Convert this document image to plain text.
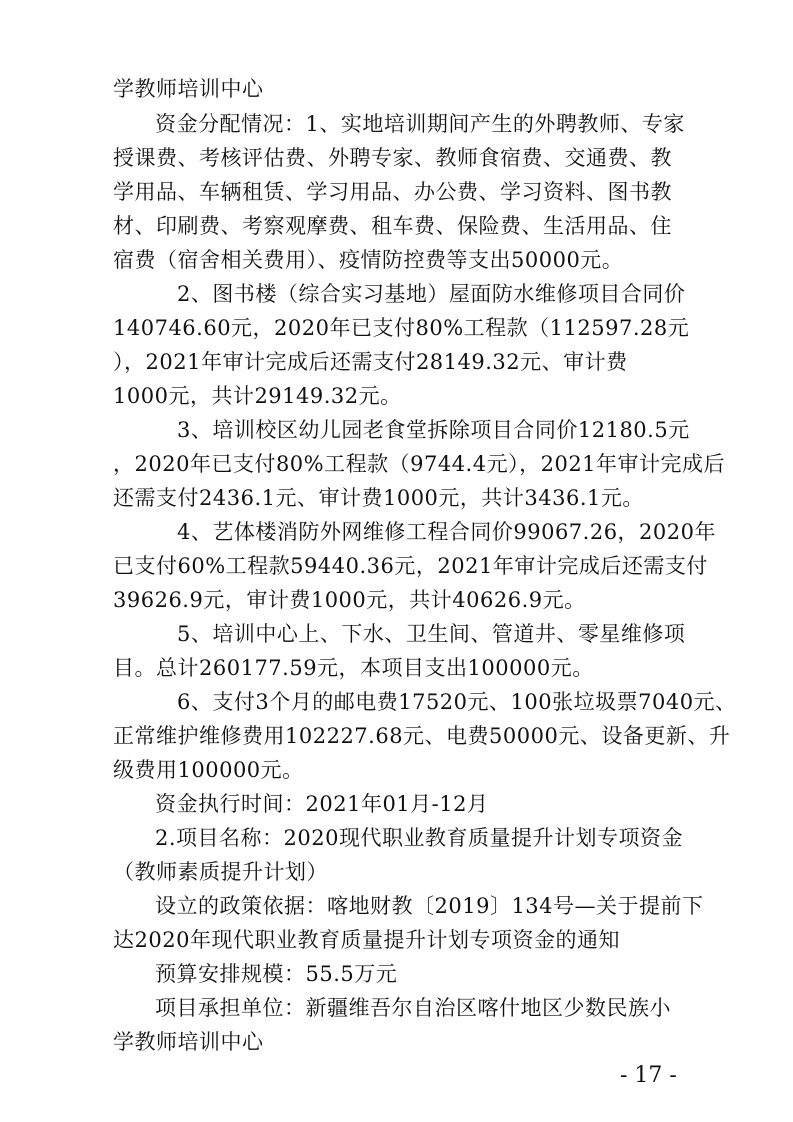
学教师培训中心
资金分配情况：1、实地培训期间产生的外聘教师、专家
授课费、考核评估费、外聘专家、教师食宿费、交通费、教
学用品、车辆租赁、学习用品、办公费、学习资料、图书教
材、印刷费、考察观摩费、租车费、保险费、生活用品、住
宿费（宿舍相关费用）、疫情防控费等支出50000元。
2、图书楼（综合实习基地）屋面防水维修项目合同价
140746.60元，2020年已支付80%工程款（112597.28元
），2021年审计完成后还需支付28149.32元、审计费
1000元，共计29149.32元。
3、培训校区幼儿园老食堂拆除项目合同价12180.5元
，2020年已支付80%工程款（9744.4元），2021年审计完成后
还需支付2436.1元、审计费1000元，共计3436.1元。
4、艺体楼消防外网维修工程合同价99067.26，2020年
已支付60%工程款59440.36元，2021年审计完成后还需支付
39626.9元，审计费1000元，共计40626.9元。
5、培训中心上、下水、卫生间、管道井、零星维修项
目。总计260177.59元，本项目支出100000元。
6、支付3个月的邮电费17520元、100张垃圾票7040元、
正常维护维修费用102227.68元、电费50000元、设备更新、升
级费用100000元。
资金执行时间：2021年01月-12月
2.项目名称：2020现代职业教育质量提升计划专项资金
（教师素质提升计划）
设立的政策依据：喀地财教〔2019〕134号—关于提前下
达2020年现代职业教育质量提升计划专项资金的通知
预算安排规模：55.5万元
项目承担单位：新疆维吾尔自治区喀什地区少数民族小
学教师培训中心
- 17 -
